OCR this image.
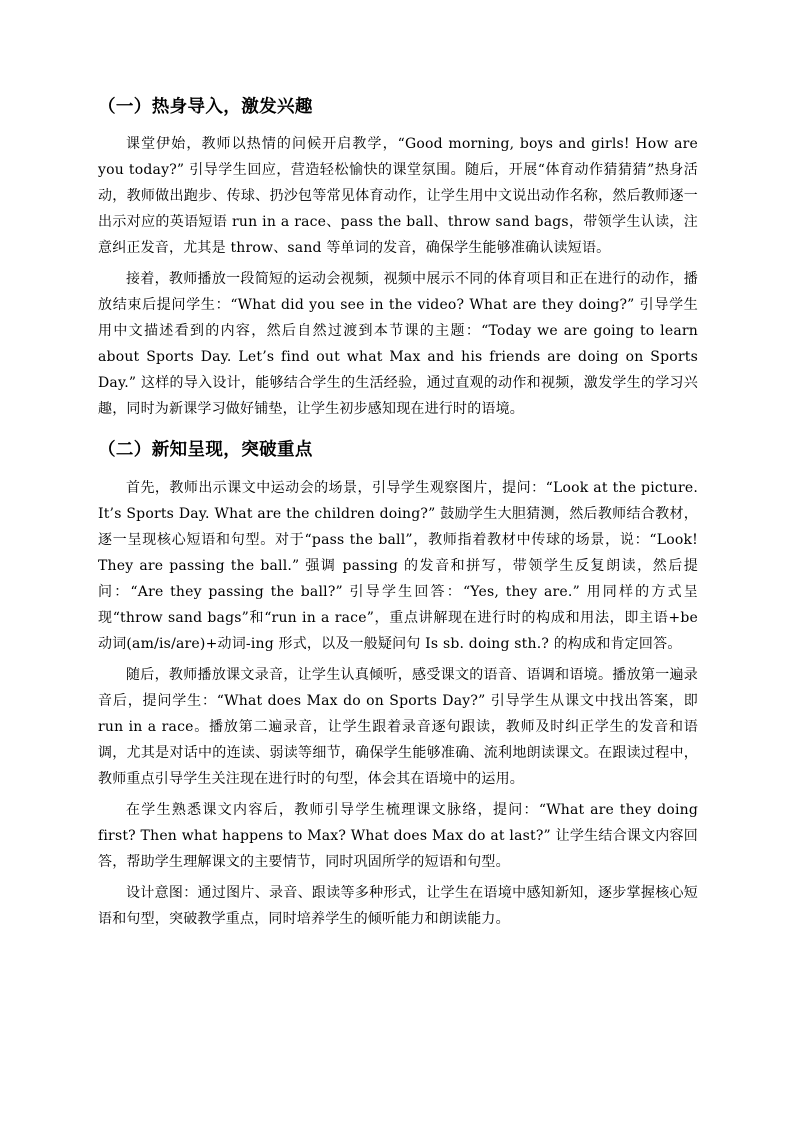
（一）热身导入，激发兴趣

课堂伊始，教师以热情的问候开启教学，“Good morning, boys and girls! How are you today?” 引导学生回应，营造轻松愉快的课堂氛围。随后，开展“体育动作猜猜猜”热身活动，教师做出跑步、传球、扔沙包等常见体育动作，让学生用中文说出动作名称，然后教师逐一出示对应的英语短语 run in a race、pass the ball、throw sand bags，带领学生认读，注意纠正发音，尤其是 throw、sand 等单词的发音，确保学生能够准确认读短语。

接着，教师播放一段简短的运动会视频，视频中展示不同的体育项目和正在进行的动作，播放结束后提问学生：“What did you see in the video? What are they doing?” 引导学生用中文描述看到的内容，然后自然过渡到本节课的主题：“Today we are going to learn about Sports Day. Let’s find out what Max and his friends are doing on Sports Day.” 这样的导入设计，能够结合学生的生活经验，通过直观的动作和视频，激发学生的学习兴趣，同时为新课学习做好铺垫，让学生初步感知现在进行时的语境。

（二）新知呈现，突破重点

首先，教师出示课文中运动会的场景，引导学生观察图片，提问：“Look at the picture. It’s Sports Day. What are the children doing?” 鼓励学生大胆猜测，然后教师结合教材，逐一呈现核心短语和句型。对于“pass the ball”，教师指着教材中传球的场景，说：“Look! They are passing the ball.” 强调 passing 的发音和拼写，带领学生反复朗读，然后提问：“Are they passing the ball?” 引导学生回答：“Yes, they are.” 用同样的方式呈现“throw sand bags”和“run in a race”，重点讲解现在进行时的构成和用法，即主语+be 动词(am/is/are)+动词-ing 形式，以及一般疑问句 Is sb. doing sth.? 的构成和肯定回答。

随后，教师播放课文录音，让学生认真倾听，感受课文的语音、语调和语境。播放第一遍录音后，提问学生：“What does Max do on Sports Day?” 引导学生从课文中找出答案，即 run in a race。播放第二遍录音，让学生跟着录音逐句跟读，教师及时纠正学生的发音和语调，尤其是对话中的连读、弱读等细节，确保学生能够准确、流利地朗读课文。在跟读过程中，教师重点引导学生关注现在进行时的句型，体会其在语境中的运用。

在学生熟悉课文内容后，教师引导学生梳理课文脉络，提问：“What are they doing first? Then what happens to Max? What does Max do at last?” 让学生结合课文内容回答，帮助学生理解课文的主要情节，同时巩固所学的短语和句型。

设计意图：通过图片、录音、跟读等多种形式，让学生在语境中感知新知，逐步掌握核心短语和句型，突破教学重点，同时培养学生的倾听能力和朗读能力。
